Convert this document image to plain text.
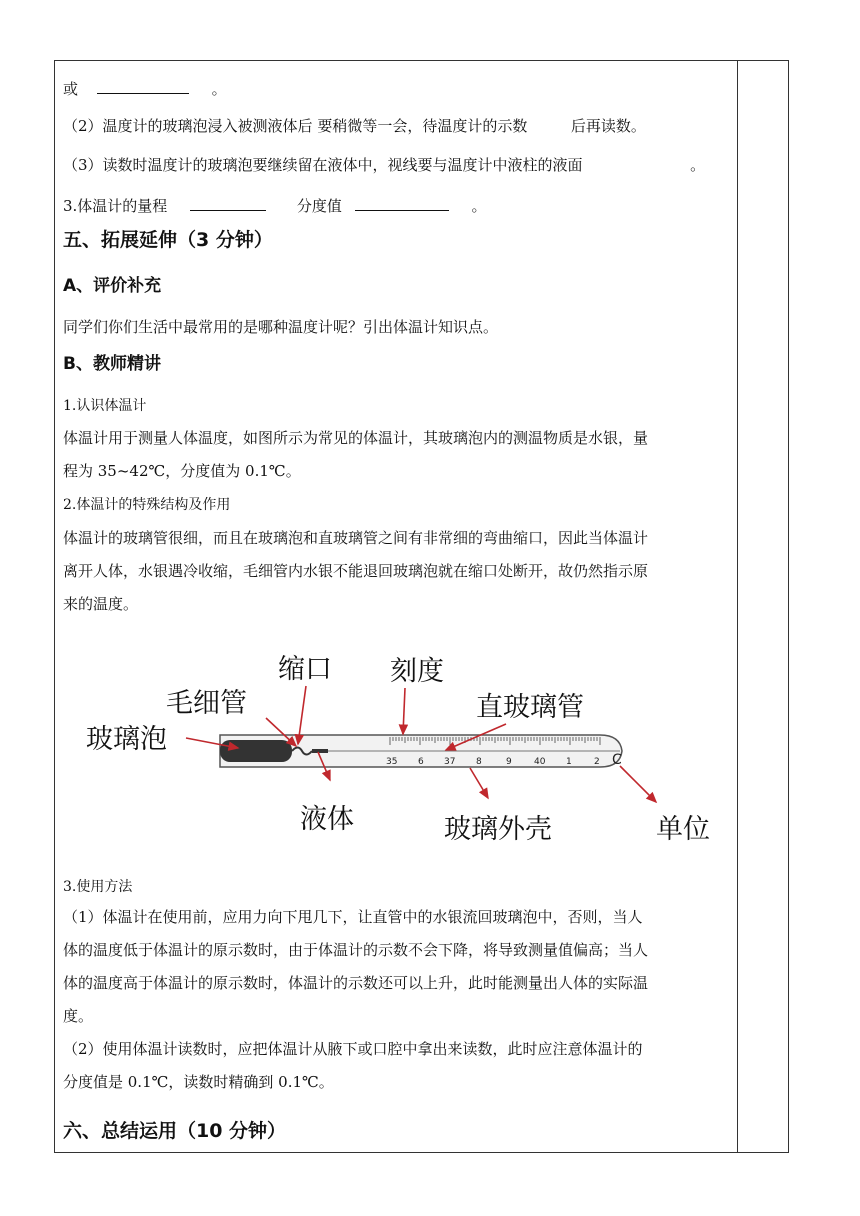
或	。
（2）温度计的玻璃泡浸入被测液体后 要稍微等一会，待温度计的示数	后再读数。
（3）读数时温度计的玻璃泡要继续留在液体中，视线要与温度计中液柱的液面	。
3.体温计的量程	分度值	。
五、拓展延伸（3 分钟）
A、评价补充
同学们你们生活中最常用的是哪种温度计呢？引出体温计知识点。
B、教师精讲
1.认识体温计
体温计用于测量人体温度，如图所示为常见的体温计，其玻璃泡内的测温物质是水银，量
程为 35~42℃，分度值为 0.1℃。
2.体温计的特殊结构及作用
体温计的玻璃管很细，而且在玻璃泡和直玻璃管之间有非常细的弯曲缩口，因此当体温计
离开人体，水银遇冷收缩，毛细管内水银不能退回玻璃泡就在缩口处断开，故仍然指示原
来的温度。
3.使用方法
（1）体温计在使用前，应用力向下甩几下，让直管中的水银流回玻璃泡中，否则，当人
体的温度低于体温计的原示数时，由于体温计的示数不会下降，将导致测量值偏高；当人
体的温度高于体温计的原示数时，体温计的示数还可以上升，此时能测量出人体的实际温
度。
（2）使用体温计读数时，应把体温计从腋下或口腔中拿出来读数，此时应注意体温计的
分度值是 0.1℃，读数时精确到 0.1℃。
六、总结运用（10 分钟）
35 6 37 8	9 40 1 2 C
玻璃泡
毛细管
缩口 刻度
直玻璃管
液体	玻璃外壳	单位
